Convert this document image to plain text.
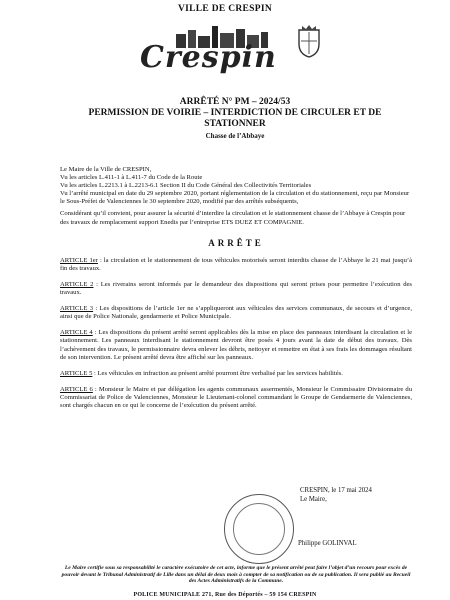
VILLE DE CRESPIN
Crespin
ARRÊTÉ N° PM – 2024/53
PERMISSION DE VOIRIE – INTERDICTION DE CIRCULER ET DE STATIONNER
Chasse de l’Abbaye

Le Maire de la Ville de CRESPIN,

Vu les articles L.411-1 à L.411-7 du Code de la Route

Vu les articles L.2213.1 à L.2213-6.1 Section II du Code Général des Collectivités Territoriales

Vu l’arrêté municipal en date du 29 septembre 2020, portant réglementation de la circulation et du stationnement, reçu par Monsieur le Sous-Préfet de Valenciennes le 30 septembre 2020, modifié par des arrêtés subséquents,

Considérant qu’il convient, pour assurer la sécurité d’interdire la circulation et le stationnement chasse de l’Abbaye à Crespin pour des travaux de remplacement support Enedis par l’entreprise ETS DUEZ ET COMPAGNIE.

ARRÊTE

ARTICLE 1er : la circulation et le stationnement de tous véhicules motorisés seront interdits chasse de l’Abbaye le 21 mai jusqu’à fin des travaux.

ARTICLE 2 : Les riverains seront informés par le demandeur des dispositions qui seront prises pour permettre l’exécution des travaux.

ARTICLE 3 : Les dispositions de l’article 1er ne s’appliqueront aux véhicules des services communaux, de secours et d’urgence, ainsi que de Police Nationale, gendarmerie et Police Municipale.

ARTICLE 4 : Les dispositions du présent arrêté seront applicables dès la mise en place des panneaux interdisant la circulation et le stationnement. Les panneaux interdisant le stationnement devront être posés 4 jours avant la date de début des travaux. Dès l’achèvement des travaux, le permissionnaire devra enlever les débris, nettoyer et remettre en état à ses frais les dommages résultant de son intervention. Le présent arrêté devra être affiché sur les panneaux.

ARTICLE 5 : Les véhicules en infraction au présent arrêté pourront être verbalisé par les services habilités.

ARTICLE 6 : Monsieur le Maire et par délégation les agents communaux assermentés, Monsieur le Commissaire Divisionnaire du Commissariat de Police de Valenciennes, Monsieur le Lieutenant-colonel commandant le Groupe de Gendarmerie de Valenciennes, sont chargés chacun en ce qui le concerne de l’exécution du présent arrêté.

CRESPIN, le 17 mai 2024
Le Maire,
Philippe GOLINVAL
Le Maire certifie sous sa responsabilité le caractère exécutoire de cet acte, informe que le présent arrêté peut faire l’objet d’un recours pour excès de pouvoir devant le Tribunal Administratif de Lille dans un délai de deux mois à compter de sa notification ou de sa publication. Il sera publié au Recueil des Actes Administratifs de la Commune.
POLICE MUNICIPALE 271, Rue des Déportés – 59 154 CRESPIN
